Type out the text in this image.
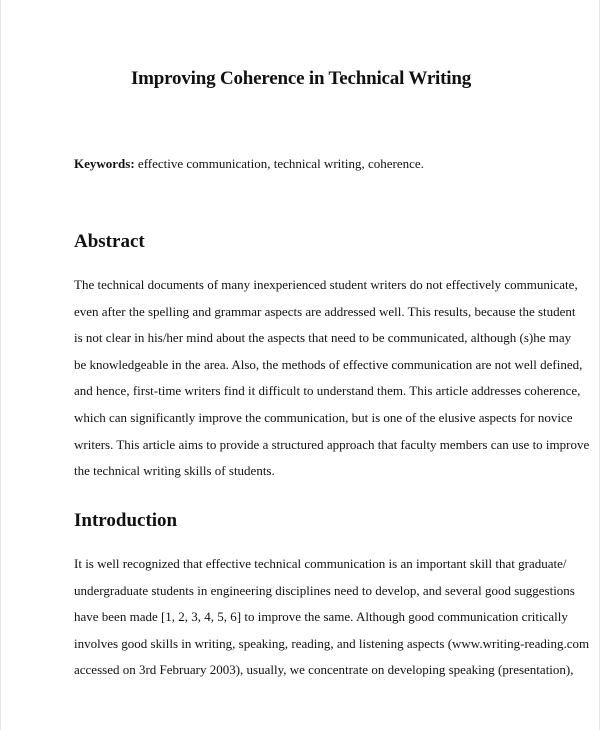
Improving Coherence in Technical Writing

Keywords: effective communication, technical writing, coherence.

Abstract
The technical documents of many inexperienced student writers do not effectively communicate,
even after the spelling and grammar aspects are addressed well. This results, because the student
is not clear in his/her mind about the aspects that need to be communicated, although (s)he may
be knowledgeable in the area. Also, the methods of effective communication are not well defined,
and hence, first-time writers find it difficult to understand them. This article addresses coherence,
which can significantly improve the communication, but is one of the elusive aspects for novice
writers. This article aims to provide a structured approach that faculty members can use to improve
the technical writing skills of students.
Introduction
It is well recognized that effective technical communication is an important skill that graduate/
undergraduate students in engineering disciplines need to develop, and several good suggestions
have been made [1, 2, 3, 4, 5, 6] to improve the same. Although good communication critically
involves good skills in writing, speaking, reading, and listening aspects (www.writing-reading.com
accessed on 3rd February 2003), usually, we concentrate on developing speaking (presentation),
